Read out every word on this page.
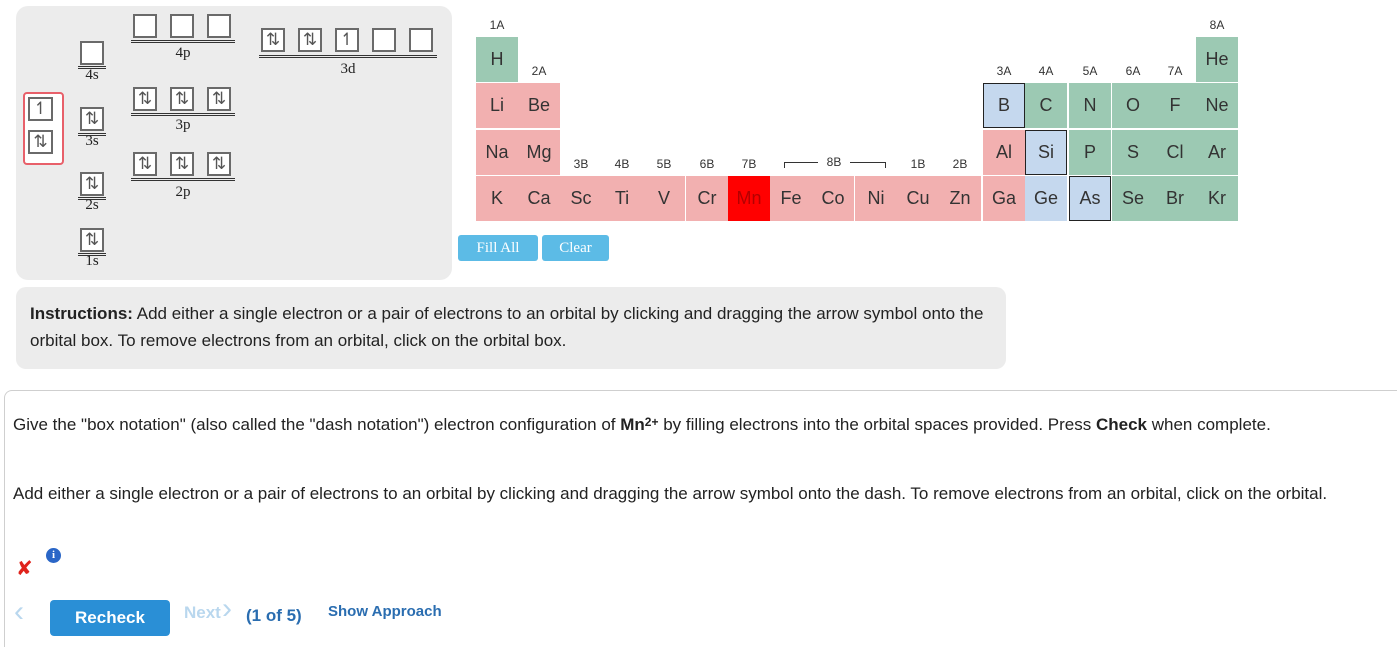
↿
⇅
4s
4p
⇅ ⇅ ↿
3d
⇅ ⇅ ⇅
3p
⇅
3s
⇅ ⇅ ⇅
2p
⇅
2s
⇅
1s
1A
2A	3A	4A	5A	6A	7A
8A
3B	4B	5B	6B	7B	8B	1B	2B
H	He
Li	Be	B	C	N	O	F	Ne
Na Mg	Al	Si	P	S	Cl	Ar
K	Ca	Sc	Ti	V	Cr	Mn	Fe	Co	Ni	Cu	Zn	Ga Ge	As	Se	Br	Kr
Fill All	Clear
Instructions: Add either a single electron or a pair of electrons to an orbital by clicking and dragging the arrow symbol onto the orbital box. To remove electrons from an orbital, click on the orbital box.
Give the "box notation" (also called the "dash notation") electron configuration of $Mn^{2+}$ by filling electrons into the orbital spaces provided. Press Check when complete.
Add either a single electron or a pair of electrons to an orbital by clicking and dragging the arrow symbol onto the dash. To remove electrons from an orbital, click on the orbital.
✘
i
‹	Recheck	Next › (1 of 5) Show Approach
